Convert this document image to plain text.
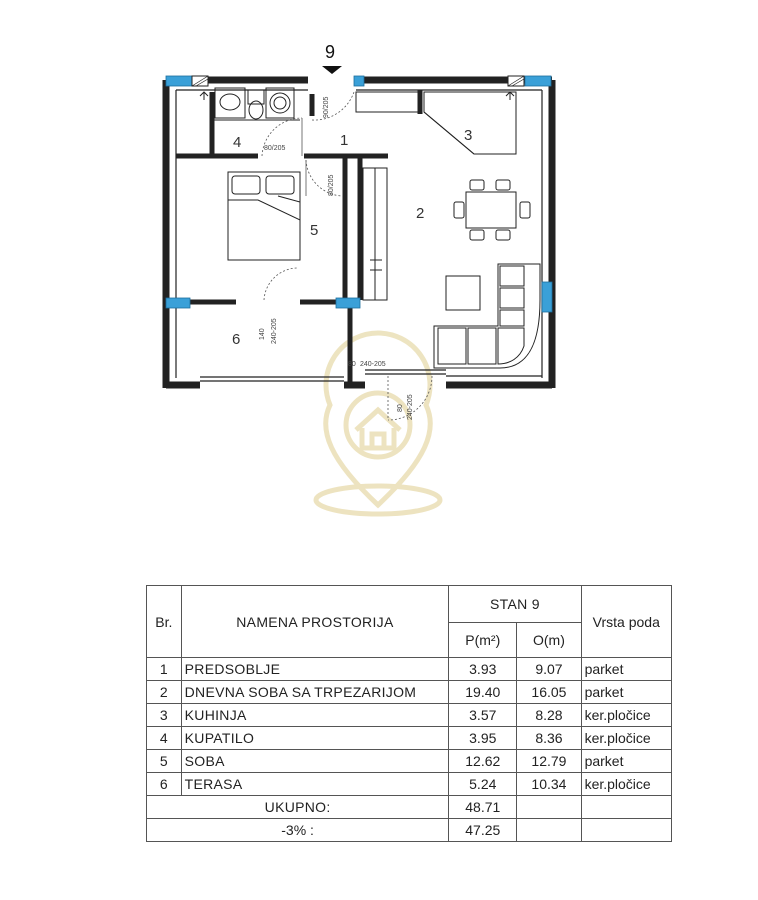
9
80/205
90/205
80/205
140 240-205
80 240-205
80 240-205
1
2
3
4
5
6
Br.	NAMENA PROSTORIJA	STAN 9		Vrsta poda
		P(m²)	O(m)	
1	PREDSOBLJE	3.93	9.07	parket
2	DNEVNA SOBA SA TRPEZARIJOM	19.40	16.05	parket
3	KUHINJA	3.57	8.28	ker.pločice
4	KUPATILO	3.95	8.36	ker.pločice
5	SOBA	12.62	12.79	parket
6	TERASA	5.24	10.34	ker.pločice
UKUPNO:		48.71		
-3% :		47.25		
